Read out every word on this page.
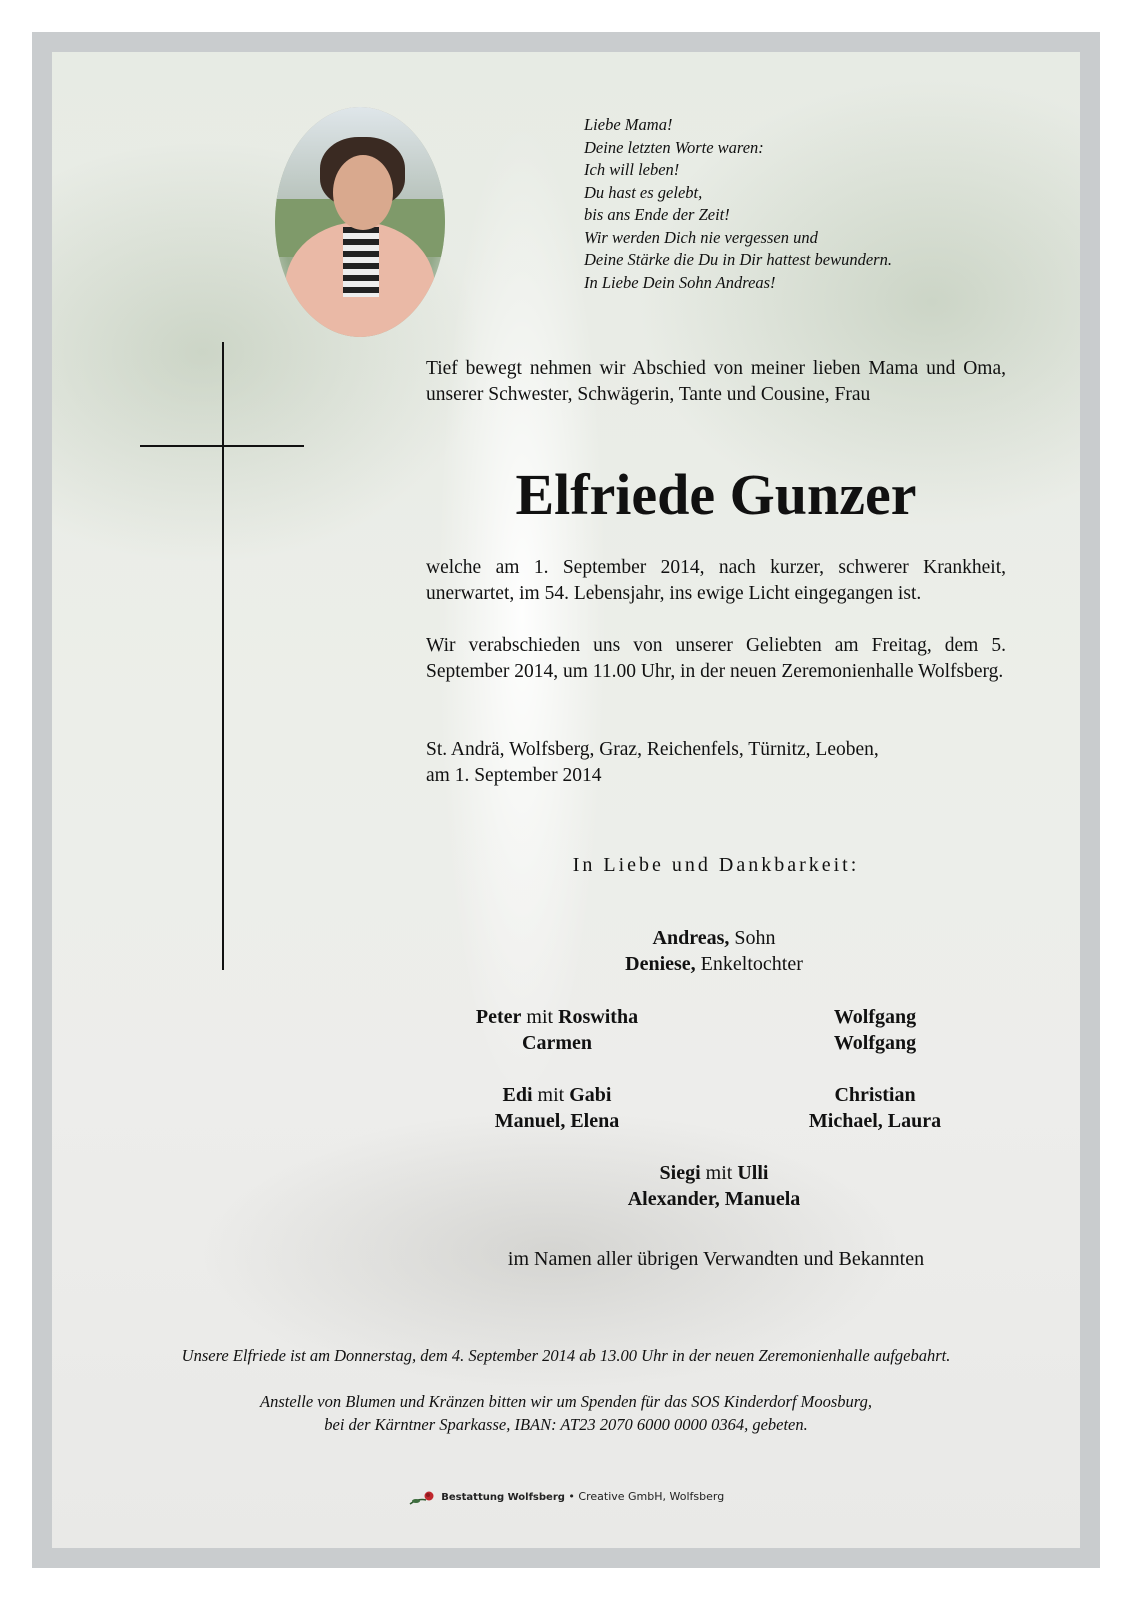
Liebe Mama!
Deine letzten Worte waren:
Ich will leben!
Du hast es gelebt,
bis ans Ende der Zeit!
Wir werden Dich nie vergessen und
Deine Stärke die Du in Dir hattest bewundern.
In Liebe Dein Sohn Andreas!
Tief bewegt nehmen wir Abschied von meiner lieben Mama und Oma, unserer Schwester, Schwägerin, Tante und Cousine, Frau
Elfriede Gunzer
welche am 1. September 2014, nach kurzer, schwerer Krankheit, unerwartet, im 54. Lebensjahr, ins ewige Licht eingegangen ist.
Wir verabschieden uns von unserer Geliebten am Freitag, dem 5. September 2014, um 11.00 Uhr, in der neuen Zeremonienhalle Wolfsberg.
St. Andrä, Wolfsberg, Graz, Reichenfels, Türnitz, Leoben,
am 1. September 2014
In Liebe und Dankbarkeit:
Andreas, Sohn
Deniese, Enkeltochter
Peter mit Roswitha
Carmen
Wolfgang
Wolfgang
Edi mit Gabi
Manuel, Elena
Christian
Michael, Laura
Siegi mit Ulli
Alexander, Manuela
im Namen aller übrigen Verwandten und Bekannten
Unsere Elfriede ist am Donnerstag, dem 4. September 2014 ab 13.00 Uhr in der neuen Zeremonienhalle aufgebahrt.
Anstelle von Blumen und Kränzen bitten wir um Spenden für das SOS Kinderdorf Moosburg,
bei der Kärntner Sparkasse, IBAN: AT23 2070 6000 0000 0364, gebeten.
Bestattung Wolfsberg • Creative GmbH, Wolfsberg
